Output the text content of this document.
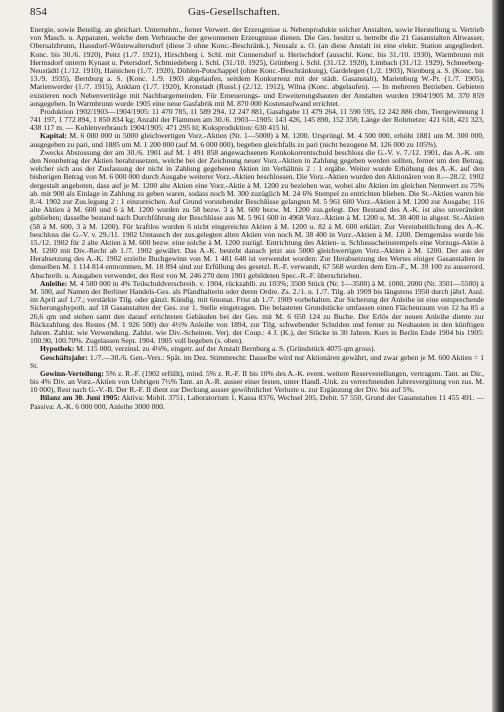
854	Gas-Gesellschaften.

Energie, sowie Beteilig. an gleichart. Unternehm., ferner Verwert. der Erzeugnisse u. Nebenprodukte solcher Anstalten, sowie Herstellung u. Vertrieb von Masch. u. Apparaten, welche dem Verbrauche der gewonnenen Erzeugnisse dienen. Die Ges. besitzt u. betreibt die 21 Gasanstalten Altwasser, Obersalzbrunn, Hausdorf-Wüstewaltersdorf (diese 3 ohne Konc.-Beschränk.), Neusalz a. O. (an diese Anstalt ist eine elektr. Station angegliedert. Konc. bis 30./6. 1920), Peitz (1./7. 1921), Hirschberg i. Schl. mit Cunnersdorf u. Herischdorf (ausschl. Konc. bis 31./10. 1930), Warmbrunn mit Herrnsdorf unterm Kynast u. Petersdorf, Schmiedeberg i. Schl. (31./10. 1925), Grünberg i. Schl. (31./12. 1920), Limbach (31./12. 1929), Schneeberg-Neustädtl (1./12. 1910), Hainichen (1./7. 1920), Döhlen-Potschappel (ohne Konc.-Beschränkung), Gardelegen (1./2. 1903), Nienburg a. S. (Konc. bis 13./9. 1935), Bernburg a. S. (Konc. 1./9. 1903 abgelaufen, seitdem Konkurrenz mit der städt. Gasanstalt), Marienburg W.-Pr. (1./7. 1905), Marienwerder (1./7. 1915), Anklam (1./7. 1920), Kronstadt (Russl.) (2./12. 1912), Wilna (Konc. abgelaufen). — In mehreren Betrieben. Gebieten existieren noch Nebenvertiräge mit Nachbargemeinden. Für Erneuerungs- und Erweiterungsbauten der Anstalten wurden 1904/1905 M. 370 859 ausgegeben. In Warmbrunn wurde 1905 eine neue Gasfabrik mit M. 870 000 Kostenaufwand errichtet.

Produktion 1902/1903—1904/1905: 11 470 785, 11 589 294, 12 247 881, Gasabgabe 11 479 264, 11 590 595, 12 242 886 cbm, Teergewinnung 1 741 197, 1 772 894, 1 850 834 kg; Anzahl der Flammen am 30./6. 1903—1905: 143 426, 145 890, 152 358; Länge der Rohrnetze: 421 618, 421 323, 438 117 m. — Kohlenverbrauch 1904/1905: 471 295 hl; Koksproduktion: 630 415 hl.

Kapital: M. 6 000 000 in 5000 gleichwertigen Vorz.-Aktien (Nr. 1—5000) à M. 1200. Ursprüngl. M. 4 500 000, erhöht 1881 um M. 300 000, ausgegeben zu pari, und 1885 um M. 1 200 000 (auf M. 6 000 000), begeben gleichfalls zu pari (nicht bezogene M. 126 000 zu 105%).

Zwecks Abstossung der am 30./6. 1901 auf M. 1 491 858 angewachsenen Konkokorrentschuld beschloss die G.-V. v. 7./12. 1901, das A.-K. um den Nennbetrag der Aktien herabzusetzen, welche bei der Zeichnung neuer Vorz.-Aktien in Zahlung gegeben werden sollten, ferner um den Betrag, welcher sich aus der Zusfassung der nicht in Zahlung gegebenen Aktien im Verhältnis 2 : 1 ergäbe. Weiter wurde Erhöhung des A.-K. auf den bisherigen Betrag von M. 6 000 000 durch Ausgabe weiterer Vorz.-Aktien beschlossen. Die Vorz.-Aktien wurden den Aktionären von 8.—28./2. 1902 dergestalt angeboten, dass auf je M. 1200 alte Aktien eine Vorz.-Aktie à M. 1200 zu beziehen war, wobei alte Aktien im gleichen Nennwert zu 75% ab. mit 900 als Einlage in Zahlung zu geben waren, sodass noch M. 300 zuzüglich M. 24 6% Stempel zu entrichten blieben. Die St.-Aktien waren bis 8./4. 1902 zur Zus.legung 2 : 1 einzureichen. Auf Grund vorstehender Beschlüsse gelangten M. 5 961 600 Vorz.-Aktien à M. 1200 zur Ausgabe; 116 alte Aktien à M. 600 und 6 à M. 1200 wurden zu 58 bezw. 3 à M. 600 bezw. M. 1200 zus.gelegt. Der Bestand des A.-K. ist also unverändert geblieben; dasselbe bestand nach Durchführung der Beschlüsse aus M. 5 961 600 in 4968 Vorz.-Aktien à M. 1200 u. M. 38 400 in abgest. St.-Aktien (58 à M. 600, 3 à M. 1200). Für kraftlos wurden 6 nicht eingereichte Aktien à M. 1200 u. 82 à M. 600 erklärt. Zur Vereinheitlichung des A.-K. beschloss die G.-V. v. 29./11. 1902 Umtausch der zus.gelegten alten Aktien von noch M. 38 400 in Vorz.-Aktien à M. 1200. Demgemäss wurde bis 15./12. 1902 für 2 alte Aktien à M. 600 bezw. eine solche à M. 1200 zuzügl. Entrichtung des Aktien- u. Schlussscheinstempels eine Vorzugs-Aktie à M. 1200 mit Div.-Recht ab 1./7. 1902 gewährt. Das A.-K. besteht danach jetzt aus 5000 gleichwertigen Vorz.-Aktien à M. 1200. Der aus der Herabsetzung des A.-K. 1902 erzielte Buchgewinn von M. 1 481 648 ist verwendet worden: Zur Herabsetzung des Wertes einiger Gasanstalten in denselben M. 1 114 814 entnommen, M. 18 894 sind zur Erfüllung des gesetzl. R.-F. verwandt, 67 568 wurden dem Ern.-F., M. 39 100 zu ausserord. Abschreib. u. Ausgaben verwendet, der Rest von M. 246 270 dem 1901 gebildeten Spec.-R.-F. überschrieben.

Anleihe: M. 4 500 000 in 4% Teilschuldverschreib. v. 1904, rückzahlb. zu 103%; 3500 Stück (Nr. 1—3500) à M. 1000, 2000 (Nr. 3501—5500) à M. 500, auf Namen der Berliner Handels-Ges. als Pfandhalterin oder deren Ordre. Zs. 2./1. u. 1./7. Tilg. ab 1909 bis längstens 1950 durch jährl. Ausl. im April auf 1./7.; verstärkte Tilg. oder gänzl. Kündig. mit 6monat. Frist ab 1./7. 1909 vorbehalten. Zur Sicherung der Anleihe ist eine entsprechende Sicherungshypoth. auf 18 Gasanstalten der Ges. zur 1. Stelle eingetragen. Die belasteten Grundstücke umfassen einen Flächenraum von 12 ha 85 a 26,6 qm und stehen samt den darauf errichteten Gebäuden bei der Ges. mit M. 6 650 124 zu Buche. Der Erlös der neuen Anleihe diente zur Rückzahlung des Restes (M. 1 926 500) der 4½% Anleihe von 1894, zur Tilg. schwebender Schulden und ferner zu Neubauten in den künftigen Jahren. Zahlst. wie Verwendung. Zahlst. wie Div.-Scheinen. Verj. der Coup.: 4 J. (K.), der Stücke in 30 Jahren. Kurs in Berlin Ende 1904 bis 1905: 100.90, 100.70%. Zugelassen Sept. 1904. 1905 voll begeben (s. oben).

Hypothek: M. 115 000, verzinsl. zu 4⅛%, eingetr. auf der Anstalt Bernburg a. S. (Gründstück 4075 qm gross).

Geschäftsjahr: 1./7.—30./6. Gen.-Vers.: Spät. im Dez. Stimmrecht: Dasselbe wird nur Aktionären gewährt, und zwar geben je M. 600 Aktien = 1 St.

Gewinn-Verteilung: 5% z. R.-F. (1902 erfüllt), mind. 5% z. R.-F. II bis 10% des A.-K. event. weitere Reservestellungen, vertragsm. Tant. an Dir., bis 4% Div. an Vorz.-Aktien von Uebrigen 7½% Tant. an A.-R. ausser einer festen, unter Handl.-Unk. zu verrechnenden Jahresvergütung von zus. M. 10 000), Rest nach G.-V.-B. Der R.-F. II dient zur Deckung ausser gewöhnlicher Verluste u. zur Ergänzung der Div. bis auf 5%.

Bilanz am 30. Juni 1905: Aktiva: Mobil. 3751, Laboratorium 1, Kassa 8376, Wechsel 205, Debit. 57 550, Grund der Gasanstalten 11 455 491. — Passiva: A.-K. 6 000 000, Anleihe 3000 000.
